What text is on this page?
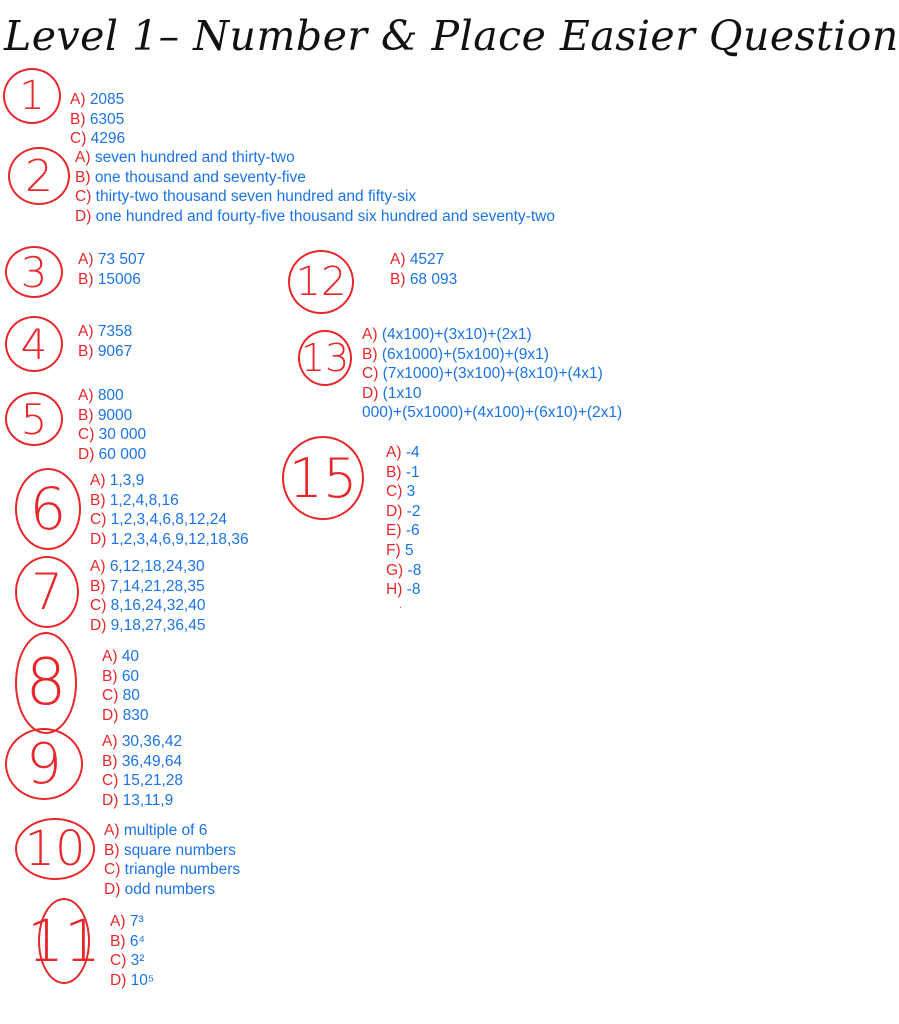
Level 1– Number & Place Easier Question
1	A) 2085
B) 6305
C) 4296
2	A) seven hundred and thirty-two
B) one thousand and seventy-five
C) thirty-two thousand seven hundred and fifty-six
D) one hundred and fourty-five thousand six hundred and seventy-two
3	A) 73 507
B) 15006
4	A) 7358
B) 9067
5	A) 800
B) 9000
C) 30 000
D) 60 000
6	A) 1,3,9
B) 1,2,4,8,16
C) 1,2,3,4,6,8,12,24
D) 1,2,3,4,6,9,12,18,36
7	A) 6,12,18,24,30
B) 7,14,21,28,35
C) 8,16,24,32,40
D) 9,18,27,36,45
8	A) 40
B) 60
C) 80
D) 830
9	A) 30,36,42
B) 36,49,64
C) 15,21,28
D) 13,11,9
10	A) multiple of 6
B) square numbers
C) triangle numbers
D) odd numbers
11 A) 7³
B) 6⁴
C) 3²
D) 10⁵
12	A) 4527
B) 68 093
13
A) (4x100)+(3x10)+(2x1)
B) (6x1000)+(5x100)+(9x1)
C) (7x1000)+(3x100)+(8x10)+(4x1)
D) (1x10
000)+(5x1000)+(4x100)+(6x10)+(2x1)
15	A) -4
B) -1
C) 3
D) -2
E) -6
F) 5
G) -8
H) -8
.
